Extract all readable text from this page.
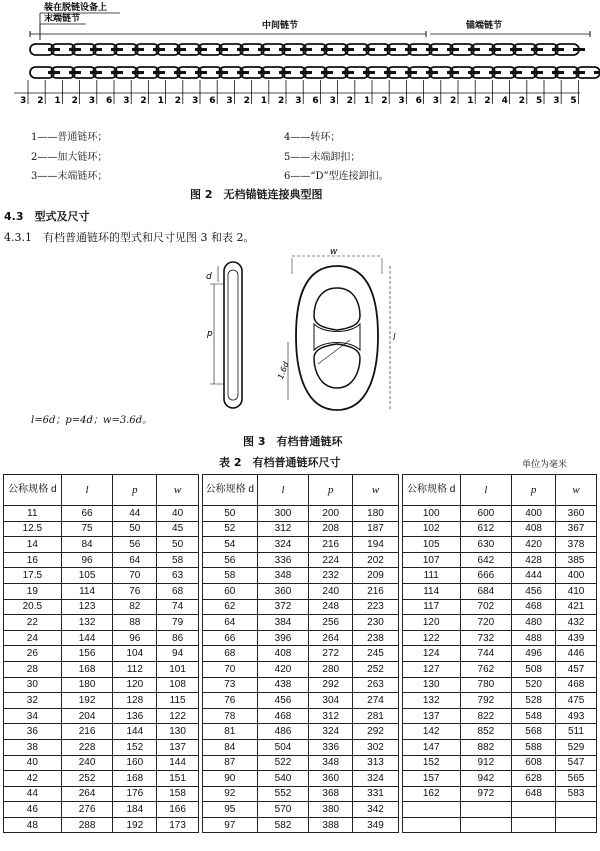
装在脱链设备上
末端链节
中间链节	锚端链节
3 2 1 2 3 6 3 2 1 2 3 6 3 2 1 2 3 6 3 2 1 2 3 6 3 2 1 2 4 2 5 3 5
1——普通链环；
2——加大链环；
3——末端链环；
4——转环；
5——末端卸扣；
6——“D”型连接卸扣。
图 2　无档锚链连接典型图
4.3　型式及尺寸
4.3.1　有档普通链环的型式和尺寸见图 3 和表 2。
d
p
w
1.6d
l
l=6d；p=4d；w=3.6d。
图 3　有档普通链环
表 2　有档普通链环尺寸	单位为毫米
公称规格 d	l	p	w		公称规格 d	l	p	w		公称规格 d	l	p	w
11	66	44	40		50	300	200	180		100	600	400	360
12.5	75	50	45		52	312	208	187		102	612	408	367
14	84	56	50		54	324	216	194		105	630	420	378
16	96	64	58		56	336	224	202		107	642	428	385
17.5	105	70	63		58	348	232	209		111	666	444	400
19	114	76	68		60	360	240	216		114	684	456	410
20.5	123	82	74		62	372	248	223		117	702	468	421
22	132	88	79		64	384	256	230		120	720	480	432
24	144	96	86		66	396	264	238		122	732	488	439
26	156	104	94		68	408	272	245		124	744	496	446
28	168	112	101		70	420	280	252		127	762	508	457
30	180	120	108		73	438	292	263		130	780	520	468
32	192	128	115		76	456	304	274		132	792	528	475
34	204	136	122		78	468	312	281		137	822	548	493
36	216	144	130		81	486	324	292		142	852	568	511
38	228	152	137		84	504	336	302		147	882	588	529
40	240	160	144		87	522	348	313		152	912	608	547
42	252	168	151		90	540	360	324		157	942	628	565
44	264	176	158		92	552	368	331		162	972	648	583
46	276	184	166		95	570	380	342					
48	288	192	173		97	582	388	349					
